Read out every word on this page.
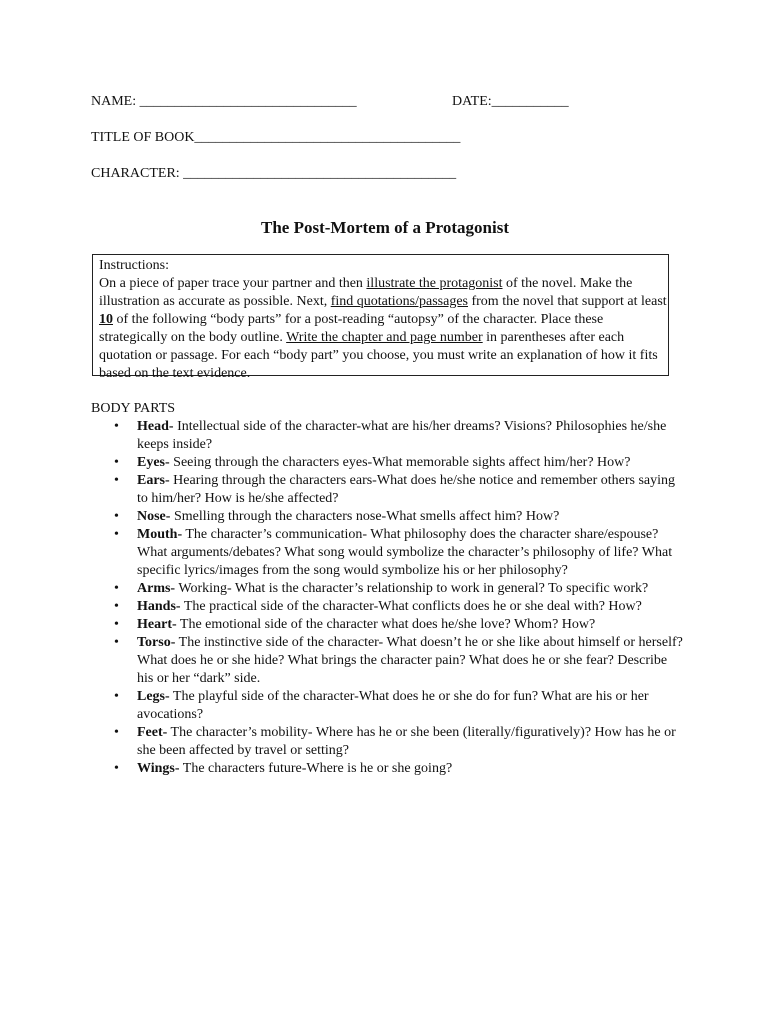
NAME: _______________________________	DATE:___________
TITLE OF BOOK______________________________________
CHARACTER: _______________________________________
The Post-Mortem of a Protagonist

Instructions:

On a piece of paper trace your partner and then illustrate the protagonist of the novel. Make the illustration as accurate as possible. Next, find quotations/passages from the novel that support at least 10 of the following “body parts” for a post-reading “autopsy” of the character. Place these strategically on the body outline. Write the chapter and page number in parentheses after each quotation or passage. For each “body part” you choose, you must write an explanation of how it fits based on the text evidence.

BODY PARTS

• Head- Intellectual side of the character-what are his/her dreams? Visions? Philosophies he/she keeps inside?
• Eyes- Seeing through the characters eyes-What memorable sights affect him/her? How?
• Ears- Hearing through the characters ears-What does he/she notice and remember others saying to him/her? How is he/she affected?
• Nose- Smelling through the characters nose-What smells affect him? How?
• Mouth- The character’s communication- What philosophy does the character share/espouse? What arguments/debates? What song would symbolize the character’s philosophy of life? What specific lyrics/images from the song would symbolize his or her philosophy?
• Arms- Working- What is the character’s relationship to work in general? To specific work?
• Hands- The practical side of the character-What conflicts does he or she deal with? How?
• Heart- The emotional side of the character what does he/she love? Whom? How?
• Torso- The instinctive side of the character- What doesn’t he or she like about himself or herself? What does he or she hide? What brings the character pain? What does he or she fear? Describe his or her “dark” side.
• Legs- The playful side of the character-What does he or she do for fun? What are his or her avocations?
• Feet- The character’s mobility- Where has he or she been (literally/figuratively)? How has he or she been affected by travel or setting?
• Wings- The characters future-Where is he or she going?
